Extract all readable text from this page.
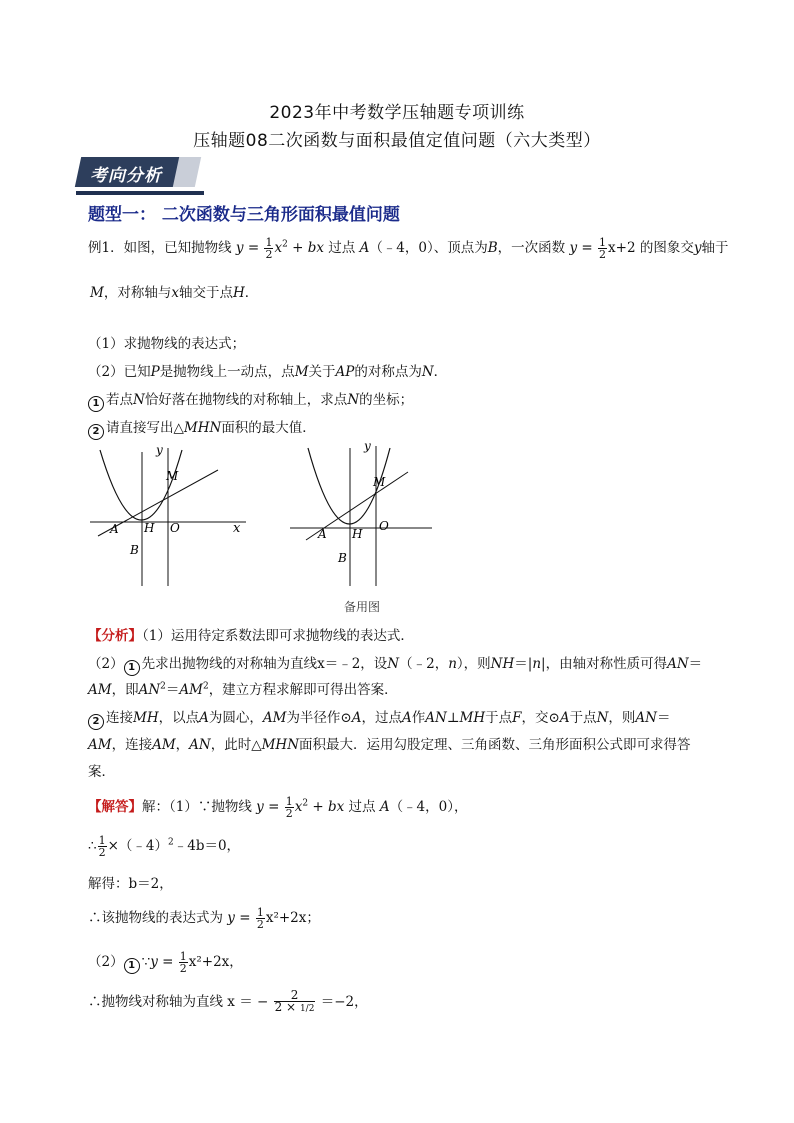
2023年中考数学压轴题专项训练
压轴题08二次函数与面积最值定值问题（六大类型）
考向分析
题型一： 二次函数与三角形面积最值问题
例1．如图，已知抛物线 $y = \frac{1}{2} x^2$ + bx 过点 A（﹣4，0）、顶点为B，一次函数 $y = \frac{1}{2} x+2$ 的图象交y轴于
M，对称轴与x轴交于点H．
（1）求抛物线的表达式；
（2）已知P是抛物线上一动点，点M关于AP的对称点为N．
1 若点N恰好落在抛物线的对称轴上，求点N的坐标；
2 请直接写出△MHN面积的最大值．
y
x
M
A H O
B
y
M
A H
O
B
备用图
【分析】（1）运用待定系数法即可求抛物线的表达式．
（2） 1 先求出抛物线的对称轴为直线x＝﹣2，设N（﹣2，n），则NH＝|n|，由轴对称性质可得AN＝
AM，即$AN^2=AM^2$，建立方程求解即可得出答案．
2 连接MH，以点A为圆心，AM为半径作⊙A，过点A作AN⊥MH于点F，交⊙A于点N，则AN＝
AM，连接AM，AN，此时△MHN面积最大．运用勾股定理、三角函数、三角形面积公式即可求得答
案．
【解答】解：（1）∵抛物线 $y = \frac{1}{2} x^2$ + bx 过点 A（﹣4，0），
∴ $\frac{1}{2}$ ×（﹣4）$^2$﹣4b＝0，
解得：b＝2，
∴该抛物线的表达式为 $y = \frac{1}{2} x^2+2x$；
（2） 1 ∵y = $\frac{1}{2} x^2+2x$，
∴抛物线对称轴为直线 x ＝ − $\frac{2}{2 \times 1/2} =-2$，
